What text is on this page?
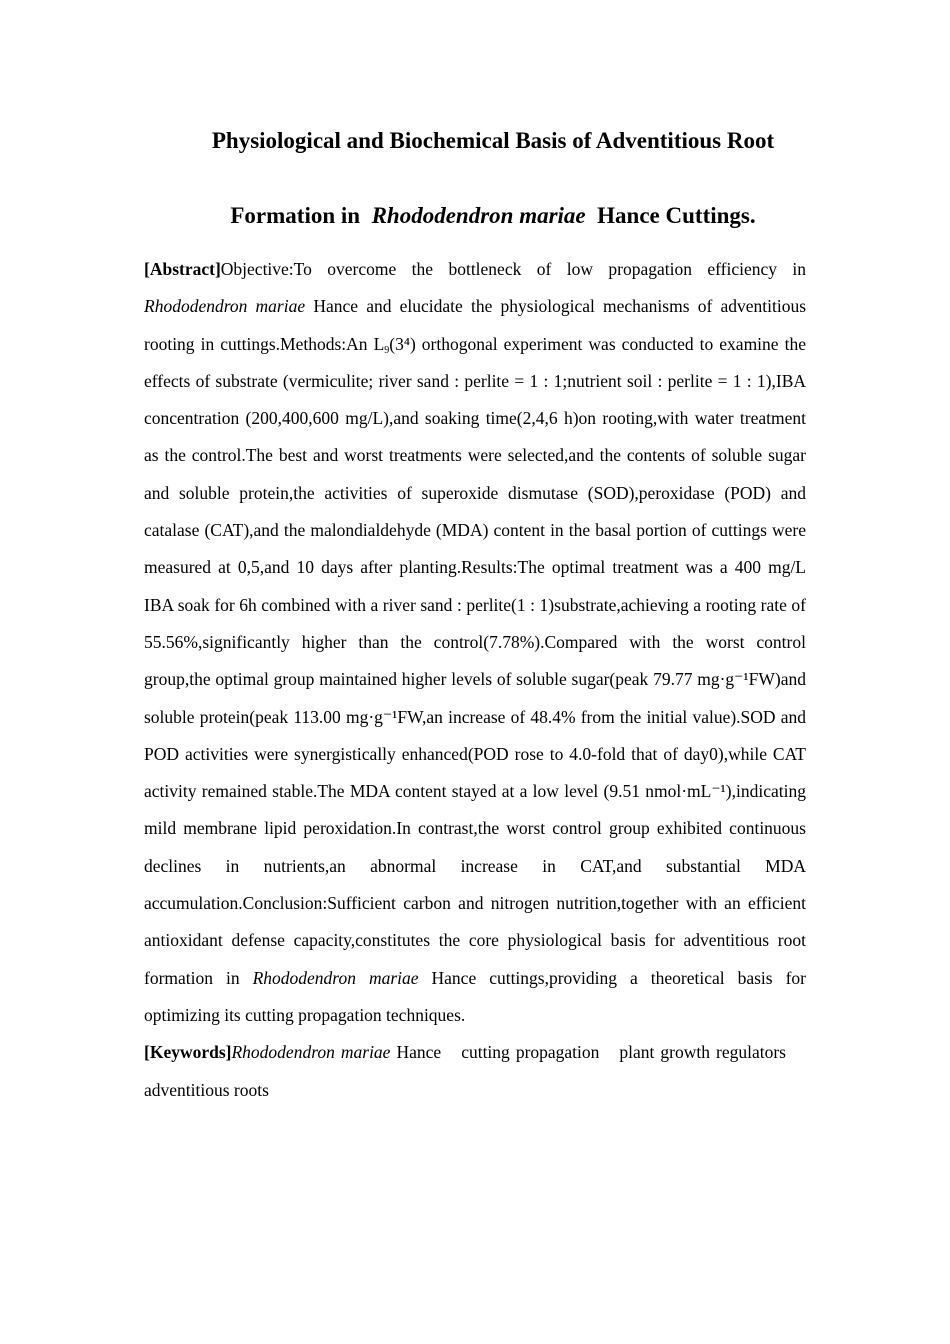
Physiological and Biochemical Basis of Adventitious Root
Formation in Rhododendron mariae Hance Cuttings.

[Abstract]Objective:To overcome the bottleneck of low propagation efficiency in Rhododendron mariae Hance and elucidate the physiological mechanisms of adventitious rooting in cuttings.Methods:An $L_9(3^4)$ orthogonal experiment was conducted to examine the effects of substrate (vermiculite; river sand : perlite = 1 : 1;nutrient soil : perlite = 1 : 1),IBA concentration (200,400,600 mg/L),and soaking time(2,4,6 h)on rooting,with water treatment as the control.The best and worst treatments were selected,and the contents of soluble sugar and soluble protein,the activities of superoxide dismutase (SOD),peroxidase (POD) and catalase (CAT),and the malondialdehyde (MDA) content in the basal portion of cuttings were measured at 0,5,and 10 days after planting.Results:The optimal treatment was a 400 mg/L IBA soak for 6h combined with a river sand : perlite(1 : 1)substrate,achieving a rooting rate of 55.56%,significantly higher than the control(7.78%).Compared with the worst control group,the optimal group maintained higher levels of soluble sugar(peak 79.77 mg·g⁻¹FW)and soluble protein(peak 113.00 mg·g⁻¹FW,an increase of 48.4% from the initial value).SOD and POD activities were synergistically enhanced(POD rose to 4.0-fold that of day0),while CAT activity remained stable.The MDA content stayed at a low level (9.51 nmol·mL⁻¹),indicating mild membrane lipid peroxidation.In contrast,the worst control group exhibited continuous declines in nutrients,an abnormal increase in CAT,and substantial MDA accumulation.Conclusion:Sufficient carbon and nitrogen nutrition,together with an efficient antioxidant defense capacity,constitutes the core physiological basis for adventitious root formation in Rhododendron mariae Hance cuttings,providing a theoretical basis for optimizing its cutting propagation techniques.

[Keywords]Rhododendron mariae Hance cutting propagation plant growth regulatorsadventitious roots
